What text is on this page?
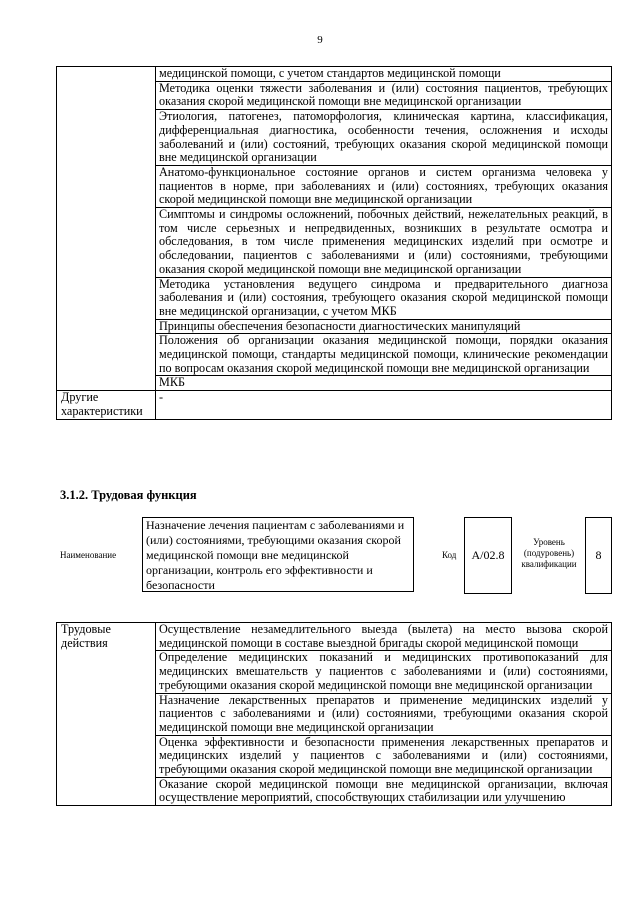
9
	медицинской помощи, с учетом стандартов медицинской помощи
	Методика оценки тяжести заболевания и (или) состояния пациентов, требующих оказания скорой медицинской помощи вне медицинской организации
	Этиология, патогенез, патоморфология, клиническая картина, классификация, дифференциальная диагностика, особенности течения, осложнения и исходы заболеваний и (или) состояний, требующих оказания скорой медицинской помощи вне медицинской организации
	Анатомо-функциональное состояние органов и систем организма человека у пациентов в норме, при заболеваниях и (или) состояниях, требующих оказания скорой медицинской помощи вне медицинской организации
	Симптомы и синдромы осложнений, побочных действий, нежелательных реакций, в том числе серьезных и непредвиденных, возникших в результате осмотра и обследования, в том числе применения медицинских изделий при осмотре и обследовании, пациентов с заболеваниями и (или) состояниями, требующими оказания скорой медицинской помощи вне медицинской организации
	Методика установления ведущего синдрома и предварительного диагноза заболевания и (или) состояния, требующего оказания скорой медицинской помощи вне медицинской организации, с учетом МКБ
	Принципы обеспечения безопасности диагностических манипуляций
	Положения об организации оказания медицинской помощи, порядки оказания медицинской помощи, стандарты медицинской помощи, клинические рекомендации по вопросам оказания скорой медицинской помощи вне медицинской организации
	МКБ
Другие характеристики	-
3.1.2. Трудовая функция
Наименование
Назначение лечения пациентам с заболеваниями и (или) состояниями, требующими оказания скорой медицинской помощи вне медицинской организации, контроль его эффективности и безопасности
Код	A/02.8
Уровень (подуровень) квалификации
8
Трудовые действия	Осуществление незамедлительного выезда (вылета) на место вызова скорой медицинской помощи в составе выездной бригады скорой медицинской помощи
Определение медицинских показаний и медицинских противопоказаний для медицинских вмешательств у пациентов с заболеваниями и (или) состояниями, требующими оказания скорой медицинской помощи вне медицинской организации
Назначение лекарственных препаратов и применение медицинских изделий у пациентов с заболеваниями и (или) состояниями, требующими оказания скорой медицинской помощи вне медицинской организации
Оценка эффективности и безопасности применения лекарственных препаратов и медицинских изделий у пациентов с заболеваниями и (или) состояниями, требующими оказания скорой медицинской помощи вне медицинской организации
Оказание скорой медицинской помощи вне медицинской организации, включая осуществление мероприятий, способствующих стабилизации или улучшению
